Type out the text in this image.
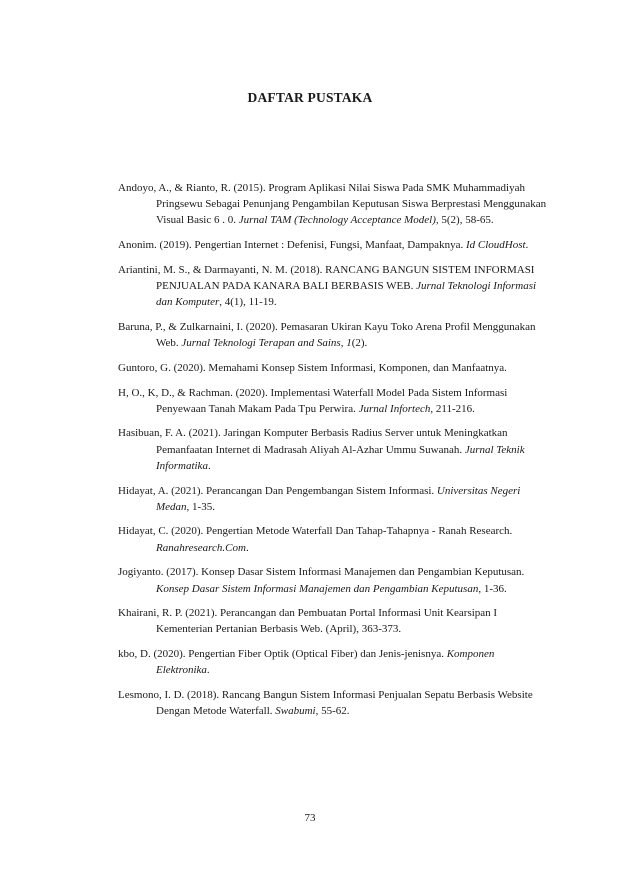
DAFTAR PUSTAKA
Andoyo, A., & Rianto, R. (2015). Program Aplikasi Nilai Siswa Pada SMK Muhammadiyah Pringsewu Sebagai Penunjang Pengambilan Keputusan Siswa Berprestasi Menggunakan Visual Basic 6 . 0. Jurnal TAM (Technology Acceptance Model), 5(2), 58-65.
Anonim. (2019). Pengertian Internet : Defenisi, Fungsi, Manfaat, Dampaknya. Id CloudHost.
Ariantini, M. S., & Darmayanti, N. M. (2018). RANCANG BANGUN SISTEM INFORMASI PENJUALAN PADA KANARA BALI BERBASIS WEB. Jurnal Teknologi Informasi dan Komputer, 4(1), 11-19.
Baruna, P., & Zulkarnaini, I. (2020). Pemasaran Ukiran Kayu Toko Arena Profil Menggunakan Web. Jurnal Teknologi Terapan and Sains, 1(2).
Guntoro, G. (2020). Memahami Konsep Sistem Informasi, Komponen, dan Manfaatnya.
H, O., K, D., & Rachman. (2020). Implementasi Waterfall Model Pada Sistem Informasi Penyewaan Tanah Makam Pada Tpu Perwira. Jurnal Infortech, 211-216.
Hasibuan, F. A. (2021). Jaringan Komputer Berbasis Radius Server untuk Meningkatkan Pemanfaatan Internet di Madrasah Aliyah Al-Azhar Ummu Suwanah. Jurnal Teknik Informatika.
Hidayat, A. (2021). Perancangan Dan Pengembangan Sistem Informasi. Universitas Negeri Medan, 1-35.
Hidayat, C. (2020). Pengertian Metode Waterfall Dan Tahap-Tahapnya - Ranah Research. Ranahresearch.Com.
Jogiyanto. (2017). Konsep Dasar Sistem Informasi Manajemen dan Pengambian Keputusan. Konsep Dasar Sistem Informasi Manajemen dan Pengambian Keputusan, 1-36.
Khairani, R. P. (2021). Perancangan dan Pembuatan Portal Informasi Unit Kearsipan I Kementerian Pertanian Berbasis Web. (April), 363-373.
kbo, D. (2020). Pengertian Fiber Optik (Optical Fiber) dan Jenis-jenisnya. Komponen Elektronika.
Lesmono, I. D. (2018). Rancang Bangun Sistem Informasi Penjualan Sepatu Berbasis Website Dengan Metode Waterfall. Swabumi, 55-62.
73
